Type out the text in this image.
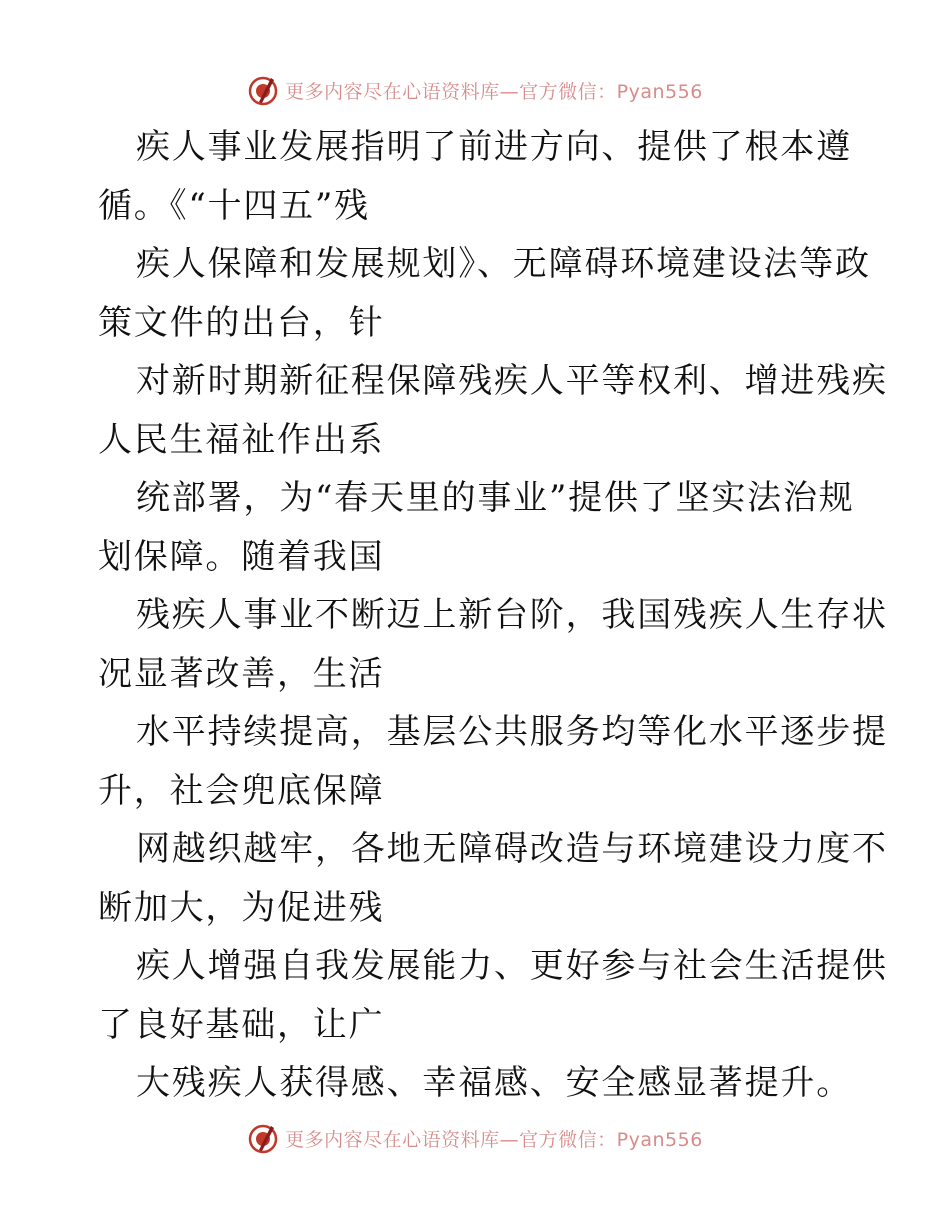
更多内容尽在心语资料库—官方微信：Pyan556
疾人事业发展指明了前进方向、提供了根本遵
循。《“十四五”残
疾人保障和发展规划》、无障碍环境建设法等政
策文件的出台，针
对新时期新征程保障残疾人平等权利、增进残疾
人民生福祉作出系
统部署，为“春天里的事业”提供了坚实法治规
划保障。随着我国
残疾人事业不断迈上新台阶，我国残疾人生存状
况显著改善，生活
水平持续提高，基层公共服务均等化水平逐步提
升，社会兜底保障
网越织越牢，各地无障碍改造与环境建设力度不
断加大，为促进残
疾人增强自我发展能力、更好参与社会生活提供
了良好基础，让广
大残疾人获得感、幸福感、安全感显著提升。
更多内容尽在心语资料库—官方微信：Pyan556
